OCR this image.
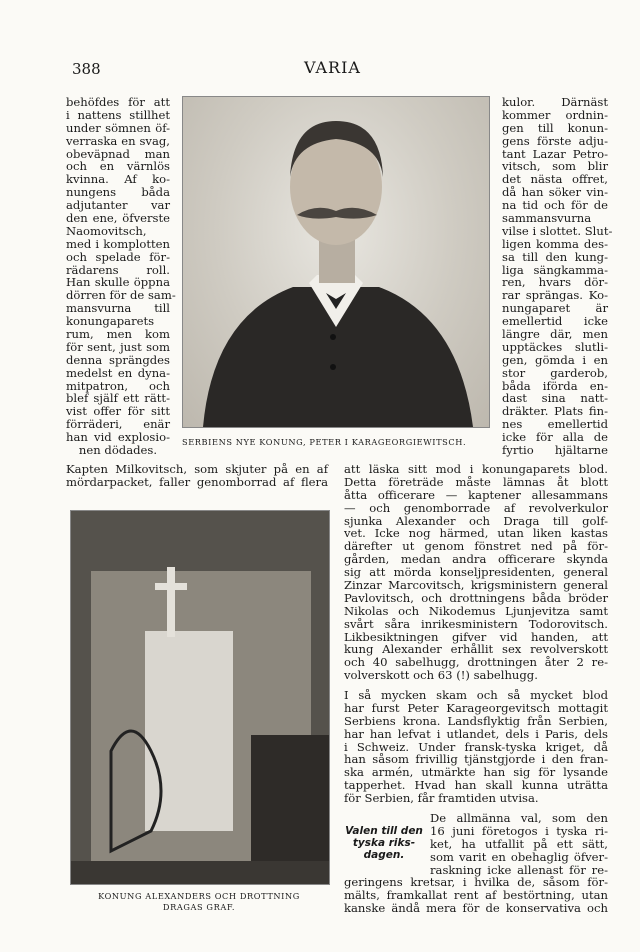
388	VARIA
SERBIENS NYE KONUNG, PETER I KARAGEORGIEWITSCH.
behöfdes för att
i nattens stillhet
under sömnen öf-
verraska en svag,
obeväpnad man
och en värnlös
kvinna. Af ko-
nungens båda
adjutanter var
den ene, öfverste
Naomovitsch,
med i komplotten
och spelade för-
rädarens roll.
Han skulle öppna
dörren för de sam-
mansvurna till
konungaparets
rum, men kom
för sent, just som
denna sprängdes
medelst en dyna-
mitpatron, och
blef själf ett rätt-
vist offer för sitt
förräderi, enär
han vid explosio-
nen dödades.
kulor. Därnäst
kommer ordnin-
gen till konun-
gens förste adju-
tant Lazar Petro-
vitsch, som blir
det nästa offret,
då han söker vin-
na tid och för de
sammansvurna
vilse i slottet. Slut-
ligen komma des-
sa till den kung-
liga sängkamma-
ren, hvars dör-
rar sprängas. Ko-
nungaparet är
emellertid icke
längre där, men
upptäckes slutli-
gen, gömda i en
stor garderob,
båda iförda en-
dast sina natt-
dräkter. Plats fin-
nes emellertid
icke för alla de
fyrtio hjältarne
Kapten Milkovitsch, som skjuter på en af
mördarpacket, faller genomborrad af flera
KONUNG ALEXANDERS OCH DROTTNING
DRAGAS GRAF.
att läska sitt mod i konungaparets blod.
Detta företräde måste lämnas åt blott
åtta officerare — kaptener allesammans
— och genomborrade af revolverkulor
sjunka Alexander och Draga till golf-
vet. Icke nog härmed, utan liken kastas
därefter ut genom fönstret ned på för-
gården, medan andra officerare skynda
sig att mörda konseljpresidenten, general
Zinzar Marcovitsch, krigsministern general
Pavlovitsch, och drottningens båda bröder
Nikolas och Nikodemus Ljunjevitza samt
svårt såra inrikesministern Todorovitsch.
Likbesiktningen gifver vid handen, att
kung Alexander erhållit sex revolverskott
och 40 sabelhugg, drottningen åter 2 re-
volverskott och 63 (!) sabelhugg.
I så mycken skam och så mycket blod
har furst Peter Karageorgevitsch mottagit
Serbiens krona. Landsflyktig från Serbien,
har han lefvat i utlandet, dels i Paris, dels
i Schweiz. Under fransk-tyska kriget, då
han såsom frivillig tjänstgjorde i den fran-
ska armén, utmärkte han sig för lysande
tapperhet. Hvad han skall kunna uträtta
för Serbien, får framtiden utvisa.
De allmänna val, som den
16 juni företogos i tyska ri-
ket, ha utfallit på ett sätt,
som varit en obehaglig öfver-
raskning icke allenast för re-
Valen till den
tyska riks-
dagen.
geringens kretsar, i hvilka de, såsom för-
mälts, framkallat rent af bestörtning, utan
kanske ändå mera för de konservativa och
